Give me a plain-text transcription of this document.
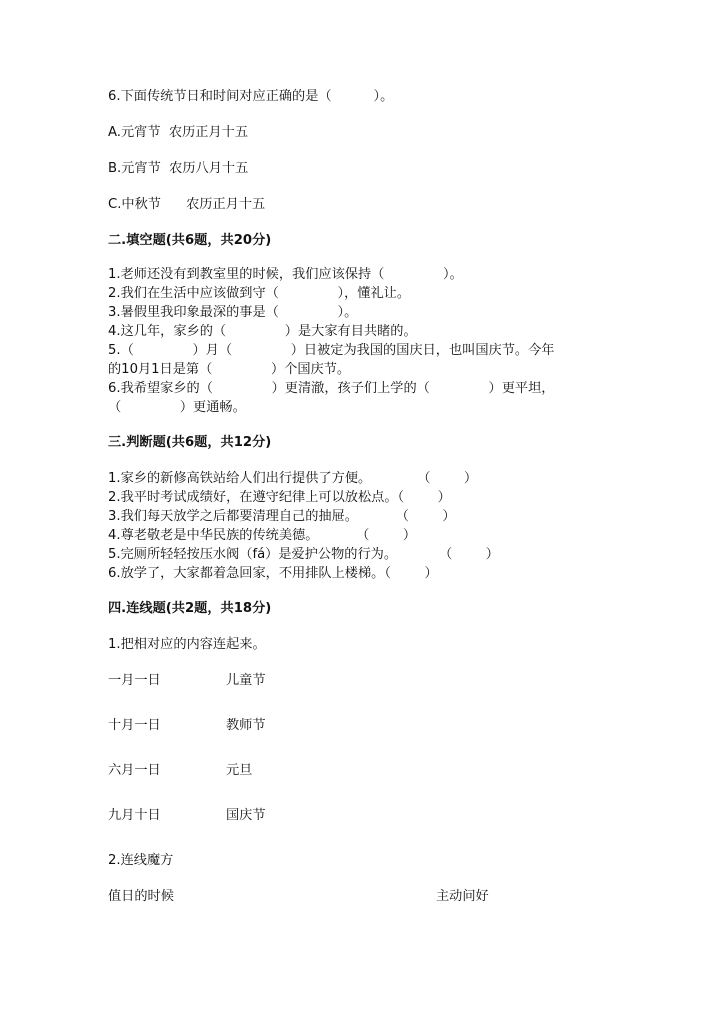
6.下面传统节日和时间对应正确的是（          ）。
A.元宵节  农历正月十五
B.元宵节  农历八月十五
C.中秋节      农历正月十五
二.填空题(共6题，共20分)
1.老师还没有到教室里的时候，我们应该保持（              ）。
2.我们在生活中应该做到守（              ），懂礼让。
3.暑假里我印象最深的事是（              ）。
4.这几年，家乡的（              ）是大家有目共睹的。
5.（              ）月（              ）日被定为我国的国庆日，也叫国庆节。今年
的10月1日是第（              ）个国庆节。
6.我希望家乡的（              ）更清澈，孩子们上学的（              ）更平坦，
（              ）更通畅。
三.判断题(共6题，共12分)
1.家乡的新修高铁站给人们出行提供了方便。           （        ）
2.我平时考试成绩好，在遵守纪律上可以放松点。（        ）
3.我们每天放学之后都要清理自己的抽屉。         （        ）
4.尊老敬老是中华民族的传统美德。         （        ）
5.完厕所轻轻按压水阀（fá）是爱护公物的行为。          （        ）
6.放学了，大家都着急回家，不用排队上楼梯。（        ）
四.连线题(共2题，共18分)
1.把相对应的内容连起来。
一月一日	儿童节
十月一日	教师节
六月一日	元旦
九月十日	国庆节
2.连线魔方
值日的时候	主动问好
